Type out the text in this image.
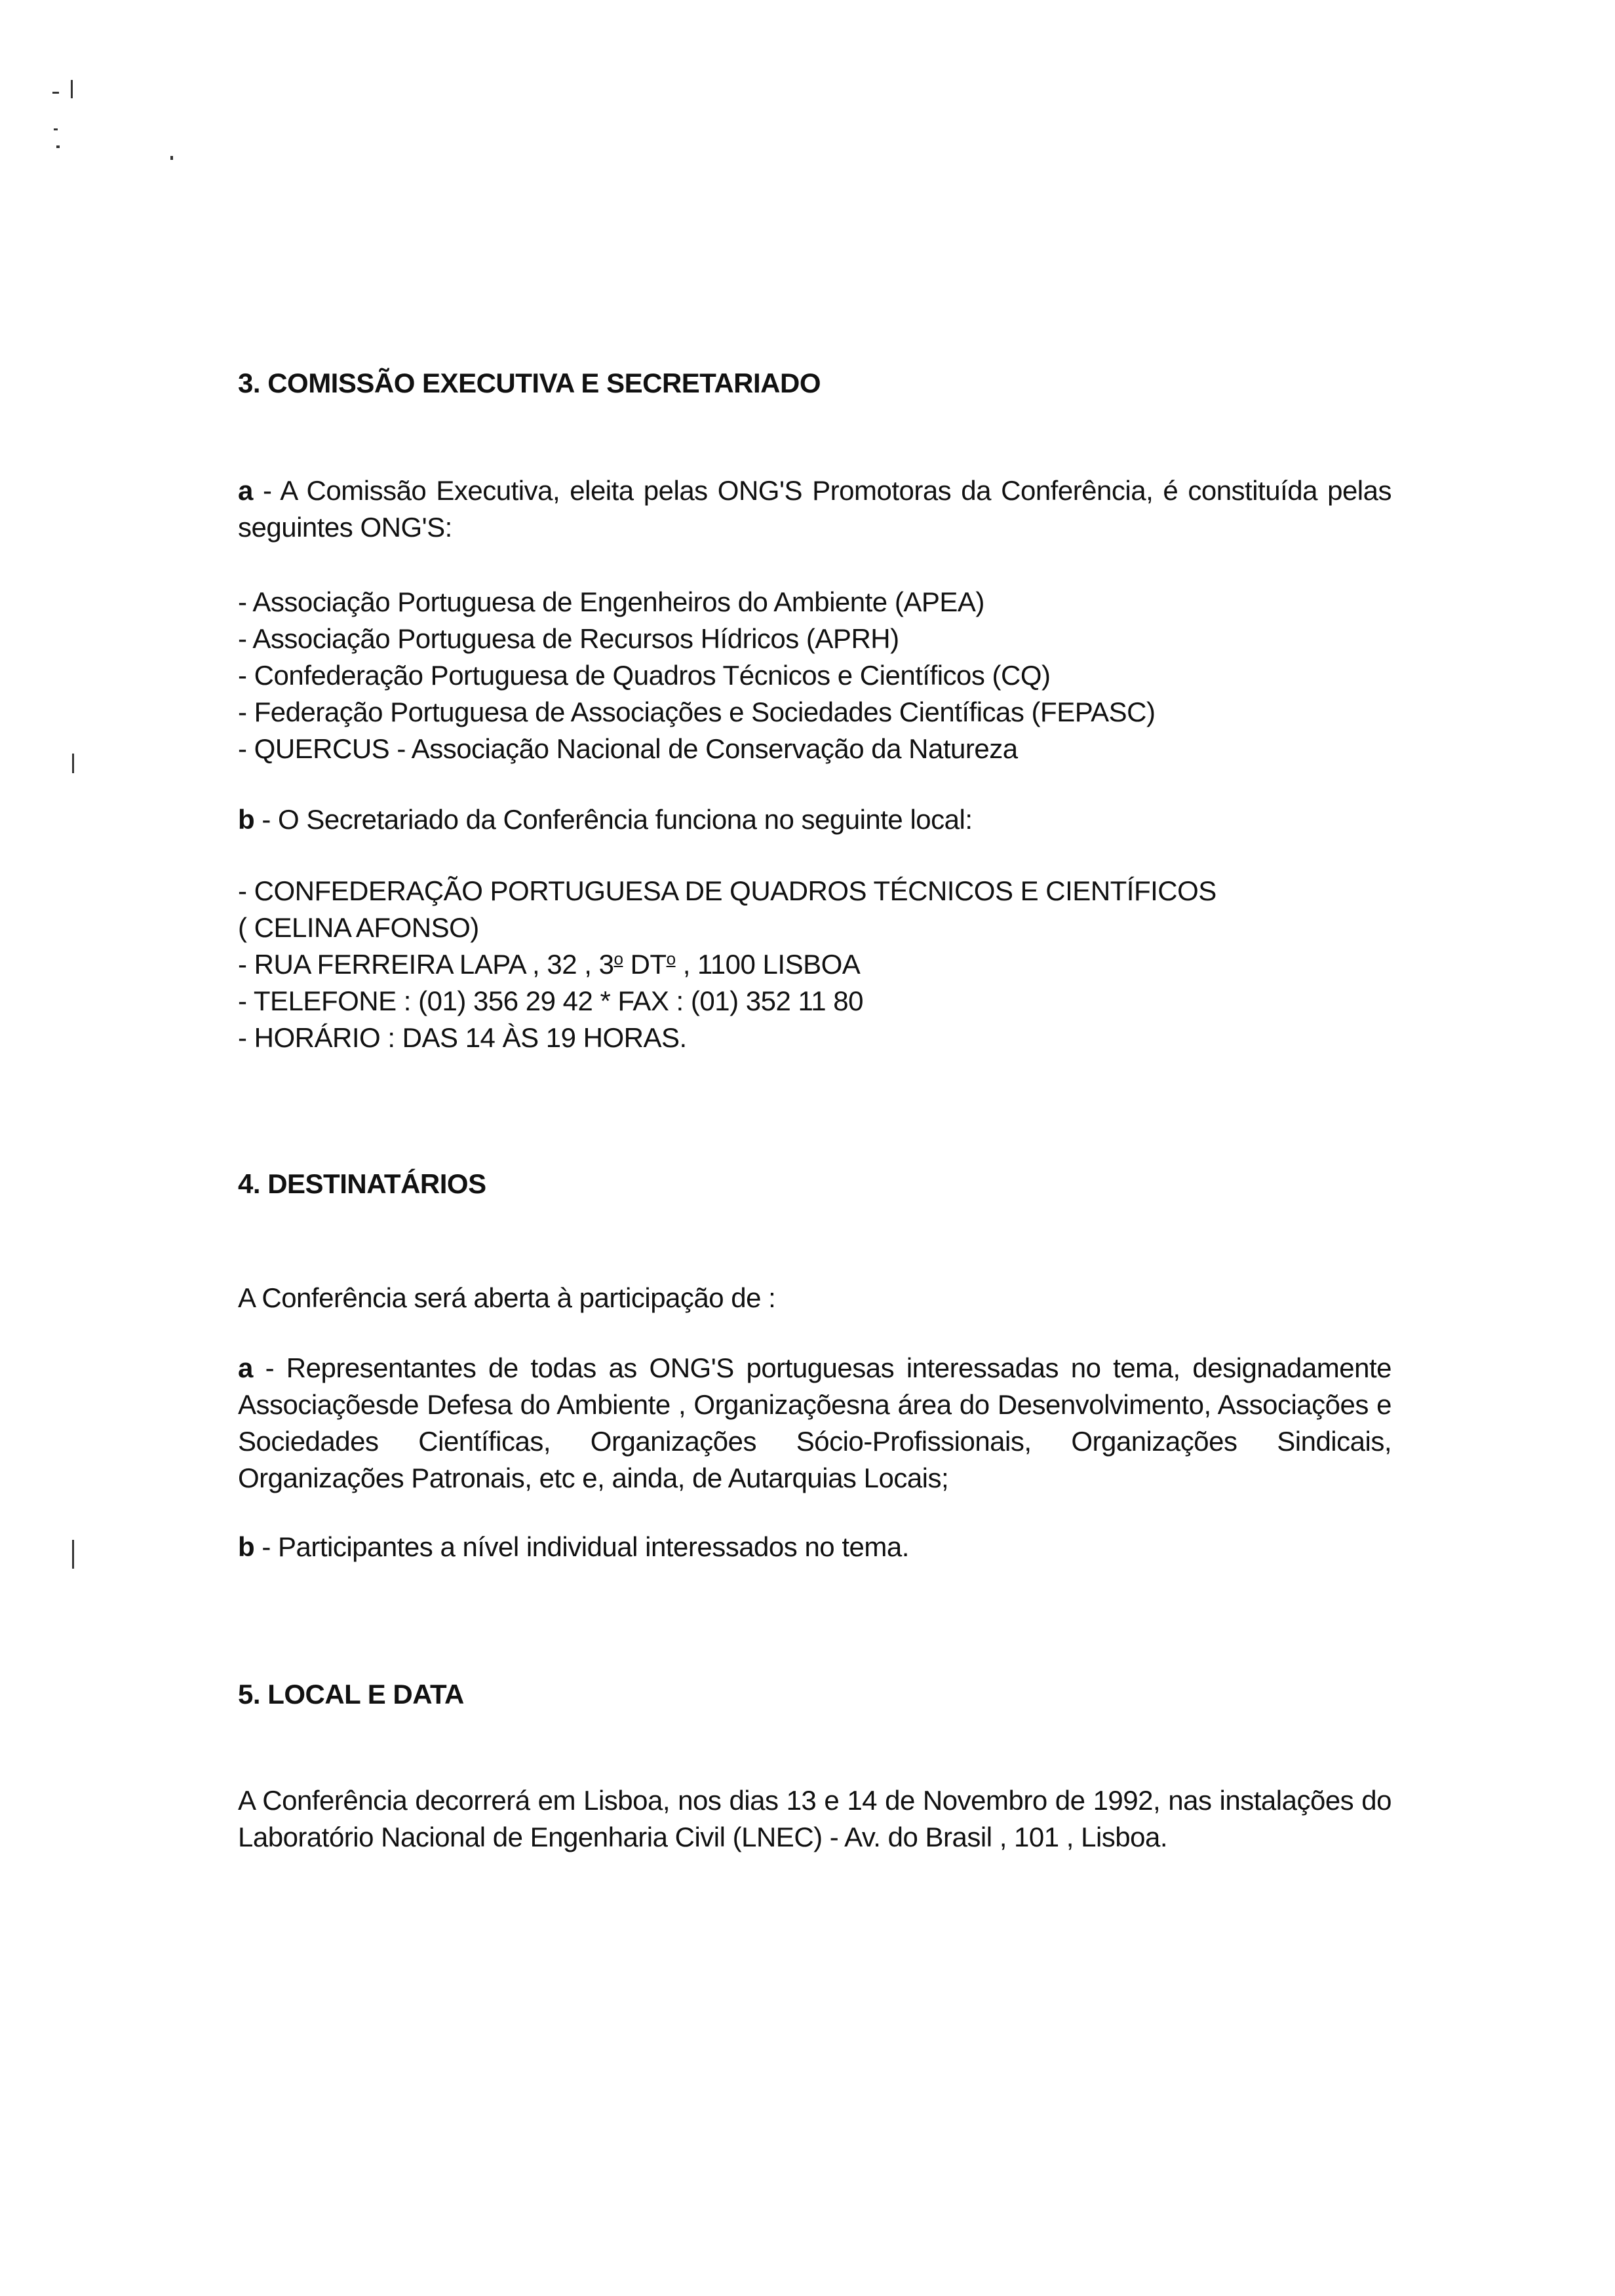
3. COMISSÃO EXECUTIVA E SECRETARIADO
a - A Comissão Executiva, eleita pelas ONG'S Promotoras da Conferência, é constituída pelas seguintes ONG'S:
- Associação Portuguesa de Engenheiros do Ambiente (APEA)
- Associação Portuguesa de Recursos Hídricos (APRH)
- Confederação Portuguesa de Quadros Técnicos e Científicos (CQ)
- Federação Portuguesa de Associações e Sociedades Científicas (FEPASC)
- QUERCUS - Associação Nacional de Conservação da Natureza
b - O Secretariado da Conferência funciona no seguinte local:
- CONFEDERAÇÃO PORTUGUESA DE QUADROS TÉCNICOS E CIENTÍFICOS
( CELINA AFONSO)
- RUA FERREIRA LAPA , 32 , 3$^o$ $DT^o$ , 1100 LISBOA
- TELEFONE : (01) 356 29 42 * FAX : (01) 352 11 80
- HORÁRIO : DAS 14 ÀS 19 HORAS.
4. DESTINATÁRIOS
A Conferência será aberta à participação de :
a - Representantes de todas as ONG'S portuguesas interessadas no tema, designadamente Associaçõesde Defesa do Ambiente , Organizaçõesna área do Desenvolvimento, Associações e Sociedades Científicas, Organizações Sócio-Profissionais, Organizações Sindicais, Organizações Patronais, etc e, ainda, de Autarquias Locais;
b - Participantes a nível individual interessados no tema.
5. LOCAL E DATA
A Conferência decorrerá em Lisboa, nos dias 13 e 14 de Novembro de 1992, nas instalações do Laboratório Nacional de Engenharia Civil (LNEC) - Av. do Brasil , 101 , Lisboa.
